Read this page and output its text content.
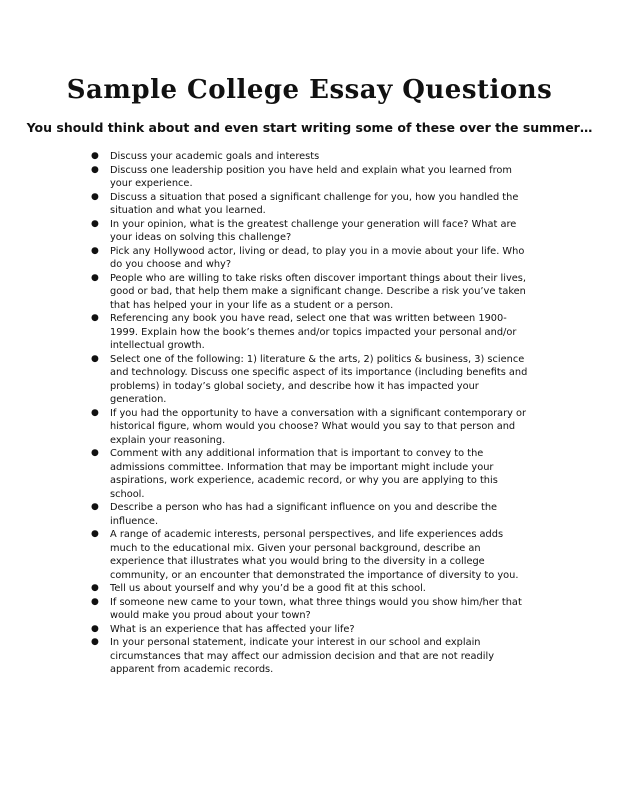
Sample College Essay Questions
You should think about and even start writing some of these over the summer…
● Discuss your academic goals and interests
● Discuss one leadership position you have held and explain what you learned from your experience.
● Discuss a situation that posed a significant challenge for you, how you handled the situation and what you learned.
● In your opinion, what is the greatest challenge your generation will face? What are your ideas on solving this challenge?
● Pick any Hollywood actor, living or dead, to play you in a movie about your life. Who do you choose and why?
● People who are willing to take risks often discover important things about their lives, good or bad, that help them make a significant change. Describe a risk you’ve taken that has helped your in your life as a student or a person.
● Referencing any book you have read, select one that was written between 1900-1999. Explain how the book’s themes and/or topics impacted your personal and/or intellectual growth.
● Select one of the following: 1) literature & the arts, 2) politics & business, 3) science and technology. Discuss one specific aspect of its importance (including benefits and problems) in today’s global society, and describe how it has impacted your generation.
● If you had the opportunity to have a conversation with a significant contemporary or historical figure, whom would you choose? What would you say to that person and explain your reasoning.
● Comment with any additional information that is important to convey to the admissions committee. Information that may be important might include your aspirations, work experience, academic record, or why you are applying to this school.
● Describe a person who has had a significant influence on you and describe the influence.
● A range of academic interests, personal perspectives, and life experiences adds much to the educational mix. Given your personal background, describe an experience that illustrates what you would bring to the diversity in a college community, or an encounter that demonstrated the importance of diversity to you.
● Tell us about yourself and why you’d be a good fit at this school.
● If someone new came to your town, what three things would you show him/her that would make you proud about your town?
● What is an experience that has affected your life?
● In your personal statement, indicate your interest in our school and explain circumstances that may affect our admission decision and that are not readily apparent from academic records.
